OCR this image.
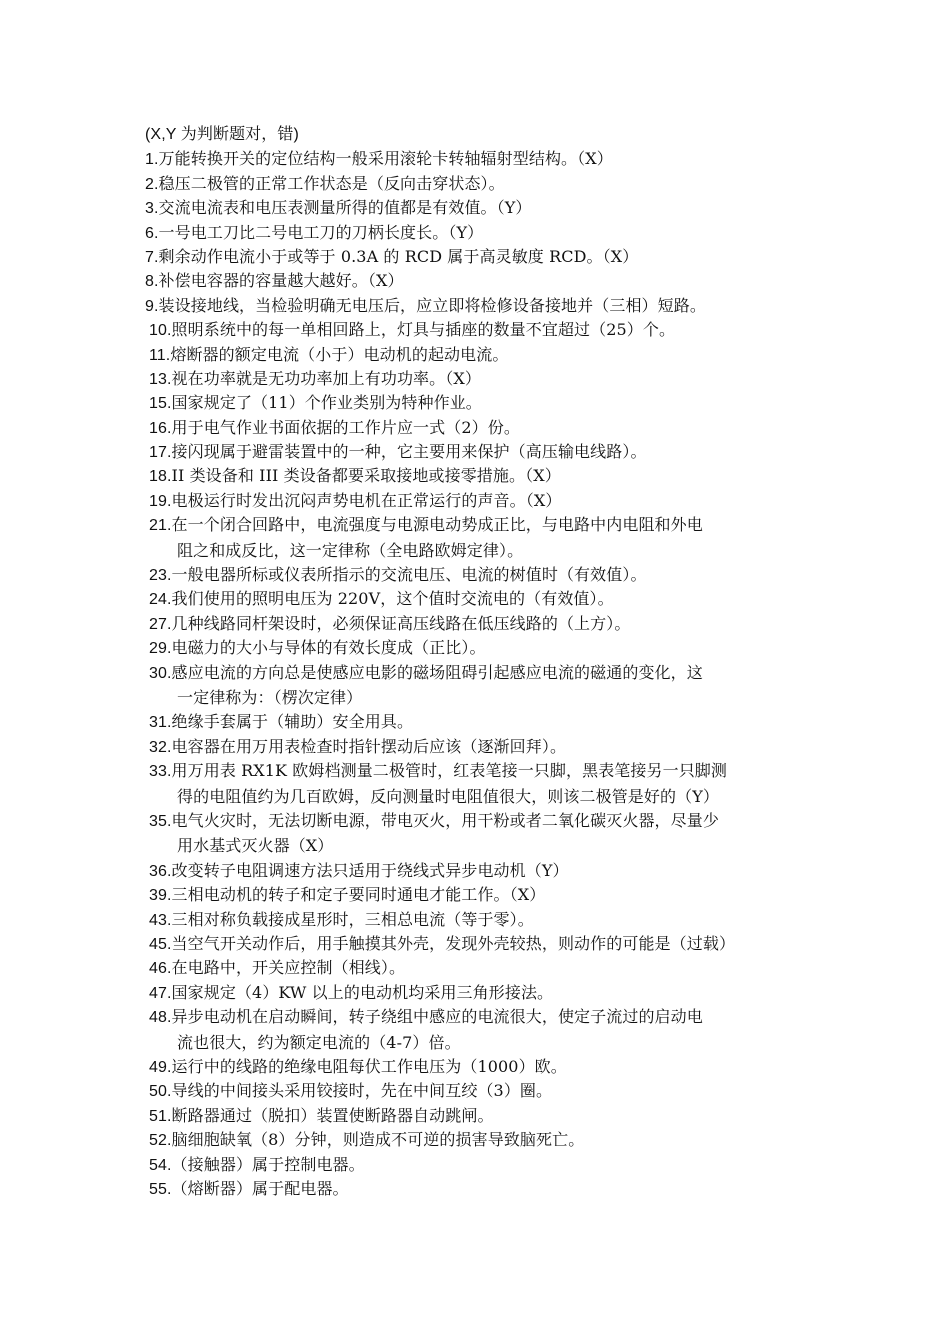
(X,Y 为判断题对，错)
1.万能转换开关的定位结构一般采用滚轮卡转轴辐射型结构。（X）
2.稳压二极管的正常工作状态是（反向击穿状态）。
3.交流电流表和电压表测量所得的值都是有效值。（Y）
6.一号电工刀比二号电工刀的刀柄长度长。（Y）
7.剩余动作电流小于或等于 0.3A 的 RCD 属于高灵敏度 RCD。（X）
8.补偿电容器的容量越大越好。（X）
9.装设接地线，当检验明确无电压后，应立即将检修设备接地并（三相）短路。
10.照明系统中的每一单相回路上，灯具与插座的数量不宜超过（25）个。
11.熔断器的额定电流（小于）电动机的起动电流。
13.视在功率就是无功功率加上有功功率。（X）
15.国家规定了（11）个作业类别为特种作业。
16.用于电气作业书面依据的工作片应一式（2）份。
17.接闪现属于避雷装置中的一种，它主要用来保护（高压输电线路）。
18.II 类设备和 III 类设备都要采取接地或接零措施。（X）
19.电极运行时发出沉闷声势电机在正常运行的声音。（X）
21.在一个闭合回路中，电流强度与电源电动势成正比，与电路中内电阻和外电
阻之和成反比，这一定律称（全电路欧姆定律）。
23.一般电器所标或仪表所指示的交流电压、电流的树值时（有效值）。
24.我们使用的照明电压为 220V，这个值时交流电的（有效值）。
27.几种线路同杆架设时，必须保证高压线路在低压线路的（上方）。
29.电磁力的大小与导体的有效长度成（正比）。
30.感应电流的方向总是使感应电影的磁场阻碍引起感应电流的磁通的变化，这
一定律称为：（楞次定律）
31.绝缘手套属于（辅助）安全用具。
32.电容器在用万用表检查时指针摆动后应该（逐渐回拜）。
33.用万用表 RX1K 欧姆档测量二极管时，红表笔接一只脚，黑表笔接另一只脚测
得的电阻值约为几百欧姆，反向测量时电阻值很大，则该二极管是好的（Y）
35.电气火灾时，无法切断电源，带电灭火，用干粉或者二氧化碳灭火器，尽量少
用水基式灭火器（X）
36.改变转子电阻调速方法只适用于绕线式异步电动机（Y）
39.三相电动机的转子和定子要同时通电才能工作。（X）
43.三相对称负载接成星形时，三相总电流（等于零）。
45.当空气开关动作后，用手触摸其外壳，发现外壳较热，则动作的可能是（过载）
46.在电路中，开关应控制（相线）。
47.国家规定（4）KW 以上的电动机均采用三角形接法。
48.异步电动机在启动瞬间，转子绕组中感应的电流很大，使定子流过的启动电
流也很大，约为额定电流的（4-7）倍。
49.运行中的线路的绝缘电阻每伏工作电压为（1000）欧。
50.导线的中间接头采用铰接时，先在中间互绞（3）圈。
51.断路器通过（脱扣）装置使断路器自动跳闸。
52.脑细胞缺氧（8）分钟，则造成不可逆的损害导致脑死亡。
54.（接触器）属于控制电器。
55.（熔断器）属于配电器。
